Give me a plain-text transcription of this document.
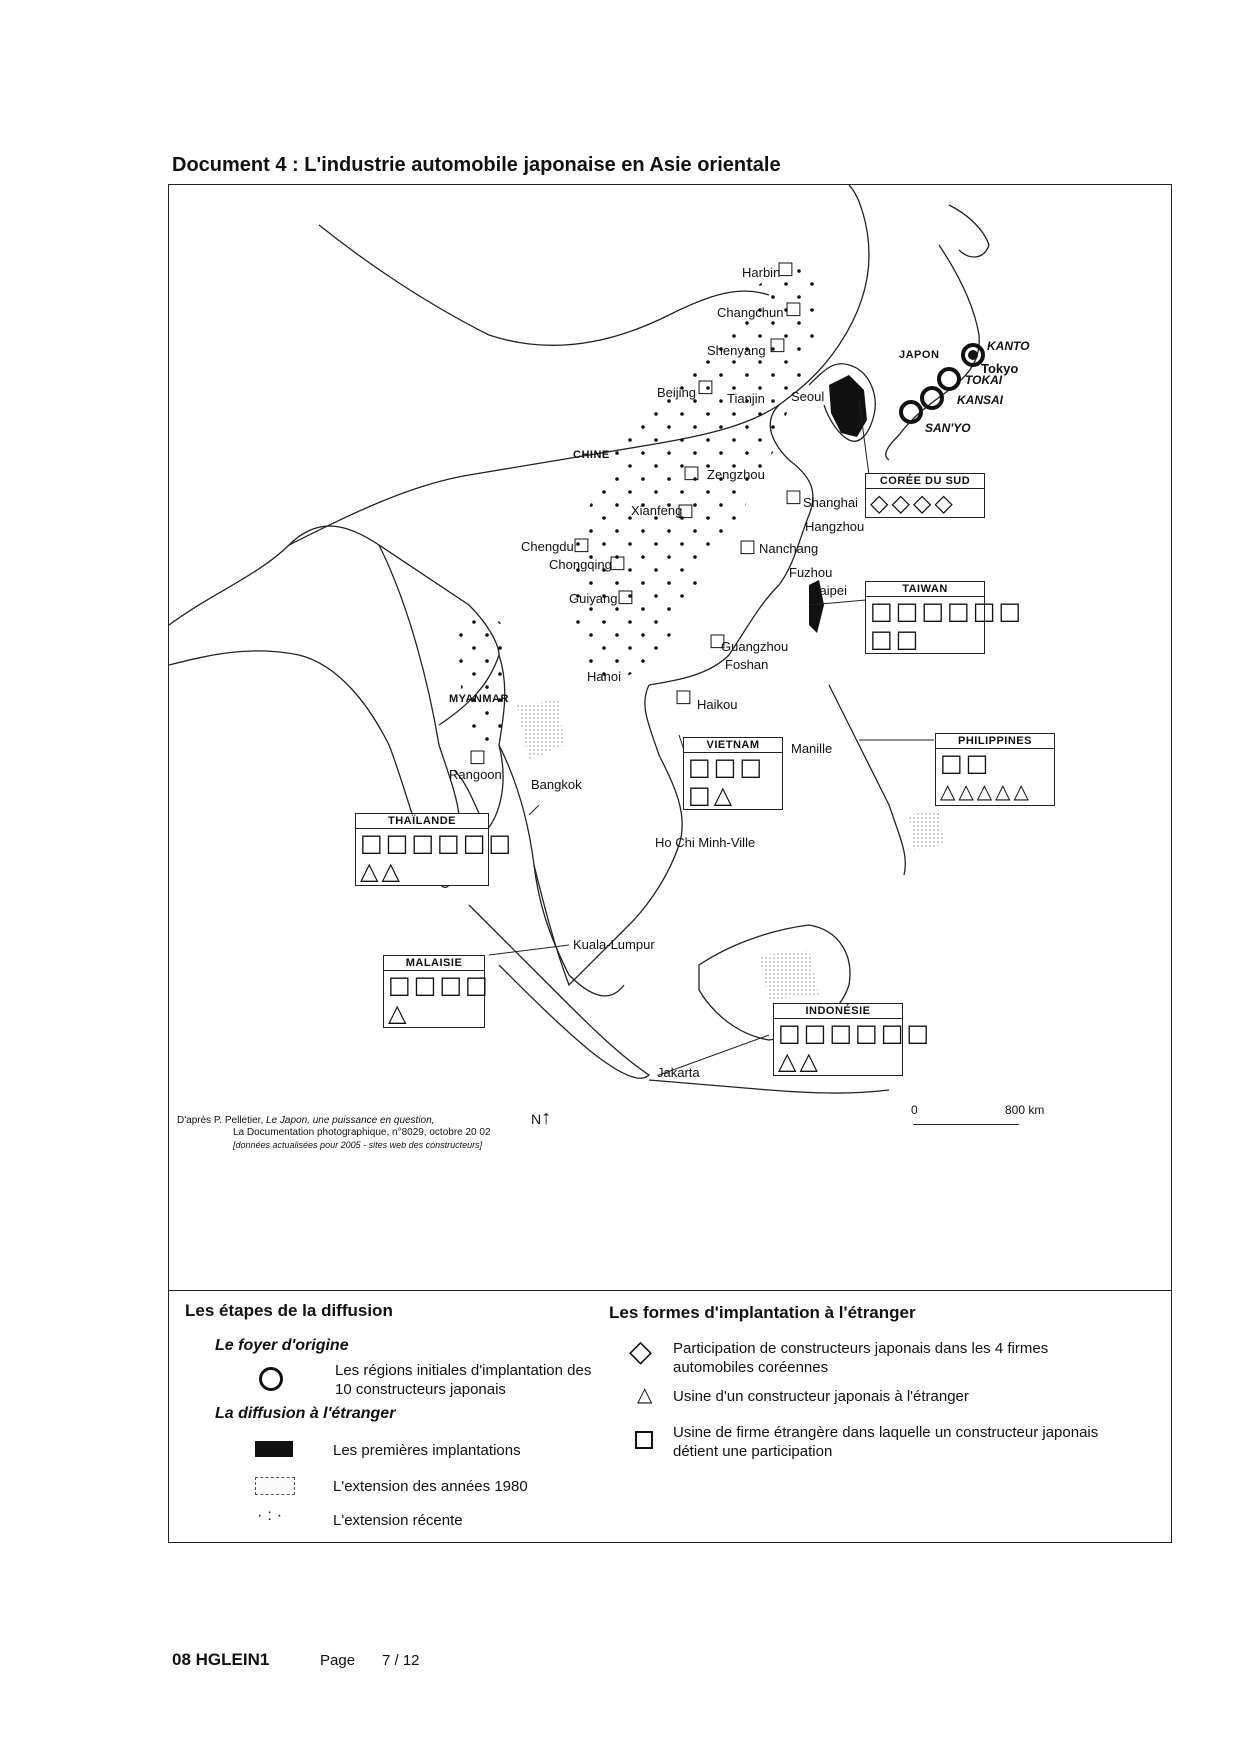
Document 4 : L'industrie automobile japonaise en Asie orientale
CHINE
JAPON
MYANMAR
KANTO
TOKAI
KANSAI
SAN'YO
Harbin
Changchun
Shenyang
Beijing Tianjin Seoul
Tokyo
Zengzhou
Shanghai
Xianfeng
Hangzhou
Chengdu
Chongqing
Nanchang
Fuzhou
Guiyang
Taipei
Guangzhou
Foshan
Hanoi
Haikou
Manille
Rangoon
Bangkok
Ho Chi Minh-Ville
Kuala-Lumpur
Jakarta
□
□
□
□
□
□
□
□	□
□
□
□
□
□
CORÉE DU SUD
◇◇◇◇
TAIWAN
□□□□□□
□□
VIETNAM
□□□
□△
PHILIPPINES
□□
△△△△△
THAÏLANDE
□□□□□□
△△
MALAISIE
□□□□
△	INDONÉSIE
□□□□□□
△△
D'après P. Pelletier, Le Japon, une puissance en question,
La Documentation photographique, n°8029, octobre 20 02
[données actualisées pour 2005 - sites web des constructeurs]
N↑	0	800 km
Les étapes de la diffusion
Le foyer d'origine
Les régions initiales d'implantation des 10 constructeurs japonais
La diffusion à l'étranger
Les premières implantations
L'extension des années 1980
·:·	L'extension récente
Les formes d'implantation à l'étranger
◇ Participation de constructeurs japonais dans les 4 firmes automobiles coréennes
△ Usine d'un constructeur japonais à l'étranger
Usine de firme étrangère dans laquelle un constructeur japonais détient une participation
08 HGLEIN1	Page 7 / 12
